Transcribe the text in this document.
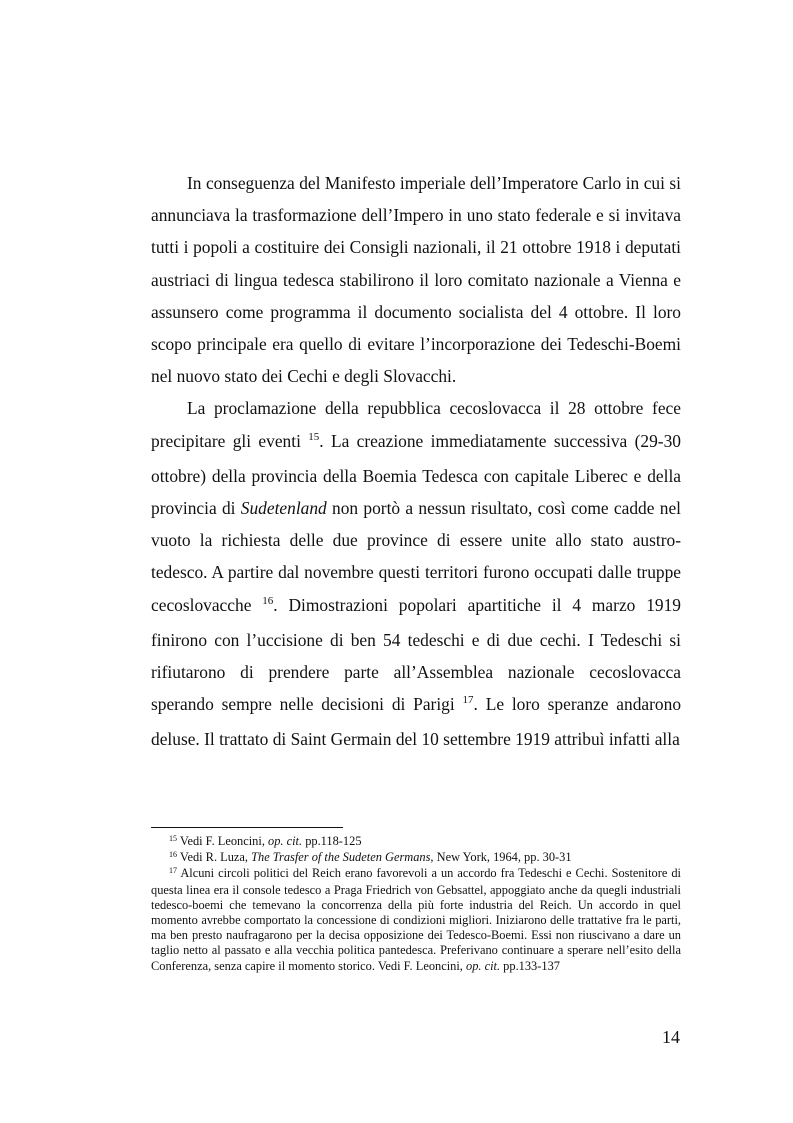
In conseguenza del Manifesto imperiale dell’Imperatore Carlo in cui si annunciava la trasformazione dell’Impero in uno stato federale e si invitava tutti i popoli a costituire dei Consigli nazionali, il 21 ottobre 1918 i deputati austriaci di lingua tedesca stabilirono il loro comitato nazionale a Vienna e assunsero come programma il documento socialista del 4 ottobre. Il loro scopo principale era quello di evitare l’incorporazione dei Tedeschi-Boemi nel nuovo stato dei Cechi e degli Slovacchi.

La proclamazione della repubblica cecoslovacca il 28 ottobre fece precipitare gli eventi $^{15}$. La creazione immediatamente successiva (29-30 ottobre) della provincia della Boemia Tedesca con capitale Liberec e della provincia di Sudetenland non portò a nessun risultato, così come cadde nel vuoto la richiesta delle due province di essere unite allo stato austro-tedesco. A partire dal novembre questi territori furono occupati dalle truppe cecoslovacche $^{16}$. Dimostrazioni popolari apartitiche il 4 marzo 1919 finirono con l’uccisione di ben 54 tedeschi e di due cechi. I Tedeschi si rifiutarono di prendere parte all’Assemblea nazionale cecoslovacca sperando sempre nelle decisioni di Parigi $^{17}$. Le loro speranze andarono deluse. Il trattato di Saint Germain del 10 settembre 1919 attribuì infatti alla

$^{15}$ Vedi F. Leoncini, op. cit. pp.118-125

$^{16}$ Vedi R. Luza, The Trasfer of the Sudeten Germans, New York, 1964, pp. 30-31

$^{17}$ Alcuni circoli politici del Reich erano favorevoli a un accordo fra Tedeschi e Cechi. Sostenitore di questa linea era il console tedesco a Praga Friedrich von Gebsattel, appoggiato anche da quegli industriali tedesco-boemi che temevano la concorrenza della più forte industria del Reich. Un accordo in quel momento avrebbe comportato la concessione di condizioni migliori. Iniziarono delle trattative fra le parti, ma ben presto naufragarono per la decisa opposizione dei Tedesco-Boemi. Essi non riuscivano a dare un taglio netto al passato e alla vecchia politica pantedesca. Preferivano continuare a sperare nell’esito della Conferenza, senza capire il momento storico. Vedi F. Leoncini, op. cit. pp.133-137

14
